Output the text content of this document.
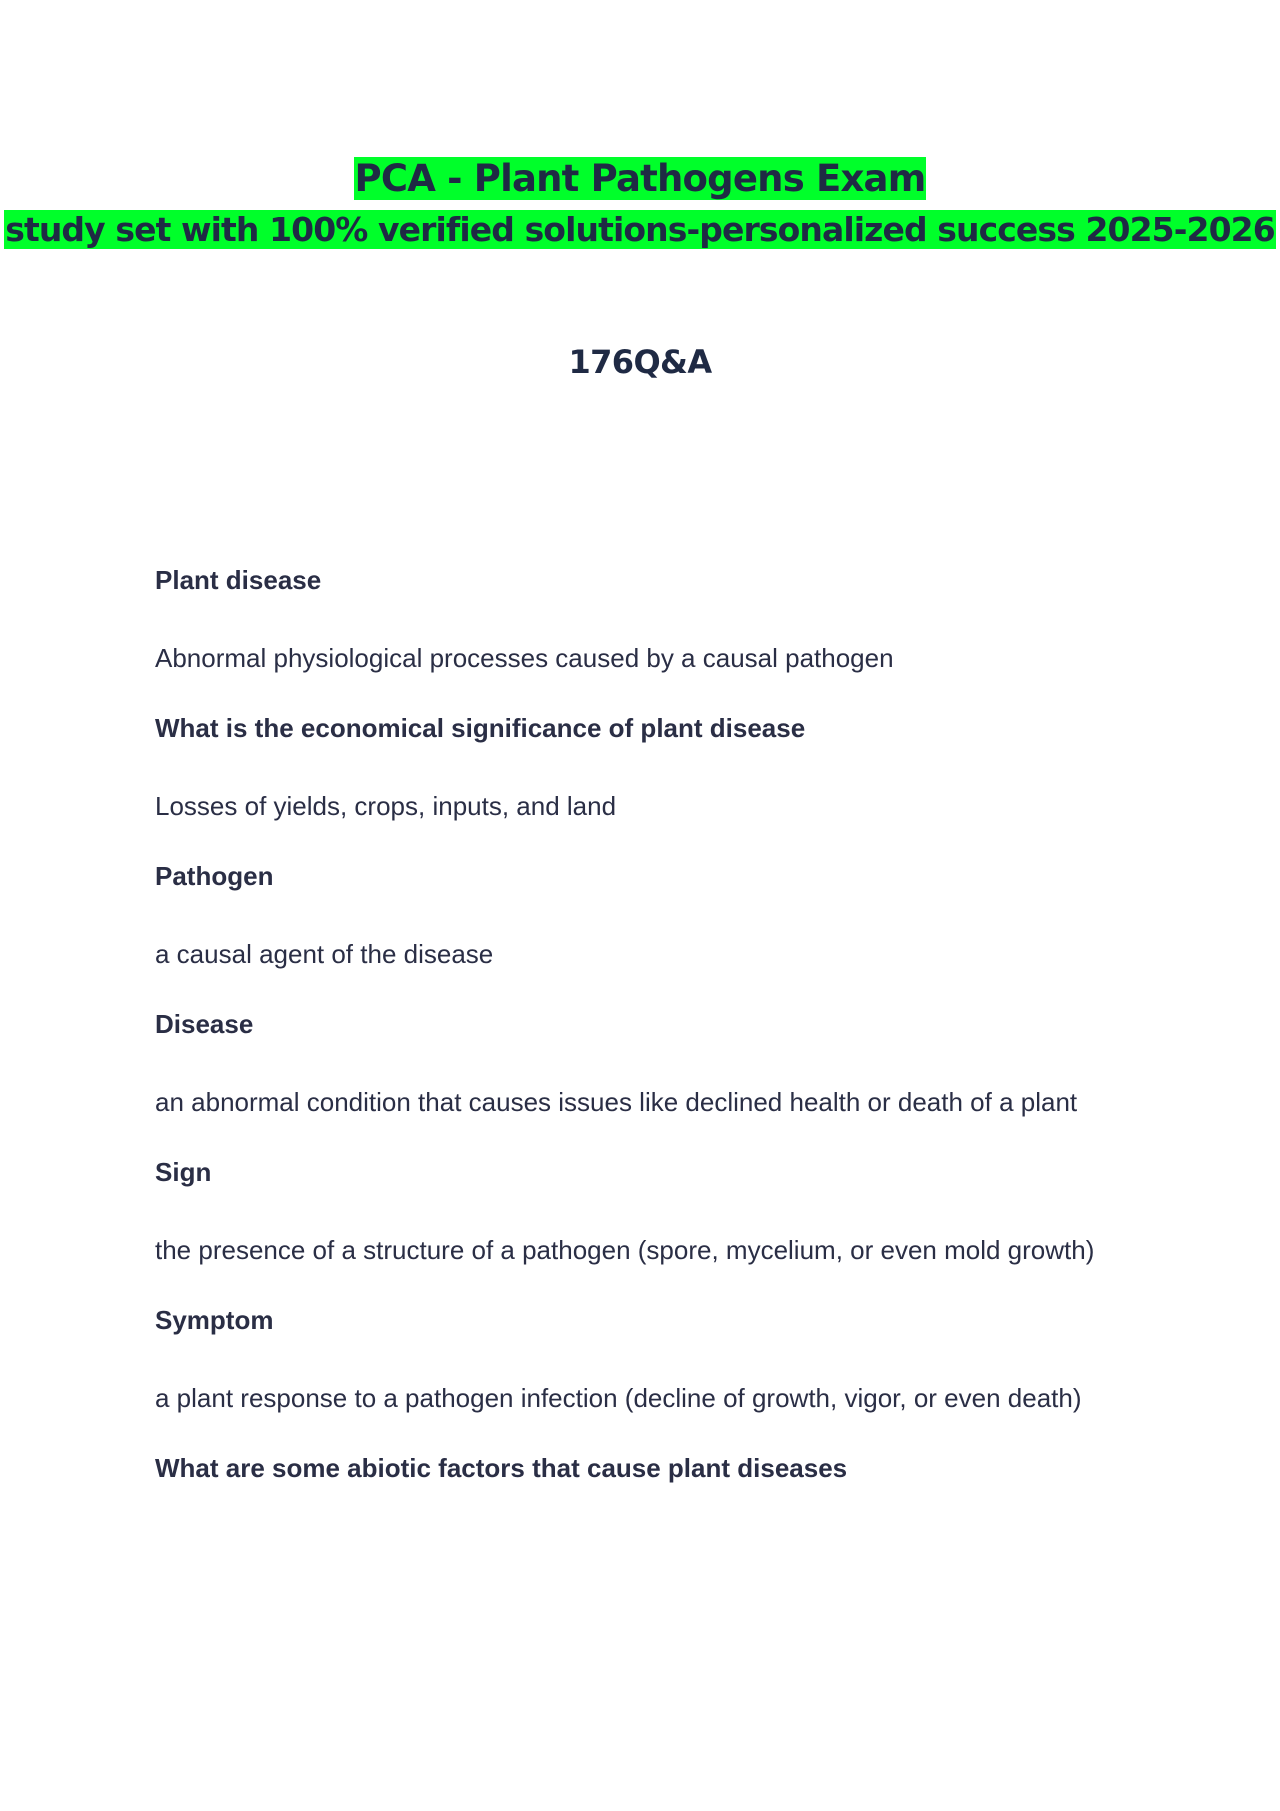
PCA - Plant Pathogens Exam

study set with 100% verified solutions-personalized success 2025-2026

176Q&A

Plant disease

Abnormal physiological processes caused by a causal pathogen

What is the economical significance of plant disease

Losses of yields, crops, inputs, and land

Pathogen

a causal agent of the disease

Disease

an abnormal condition that causes issues like declined health or death of a plant

Sign

the presence of a structure of a pathogen (spore, mycelium, or even mold growth)

Symptom

a plant response to a pathogen infection (decline of growth, vigor, or even death)

What are some abiotic factors that cause plant diseases
